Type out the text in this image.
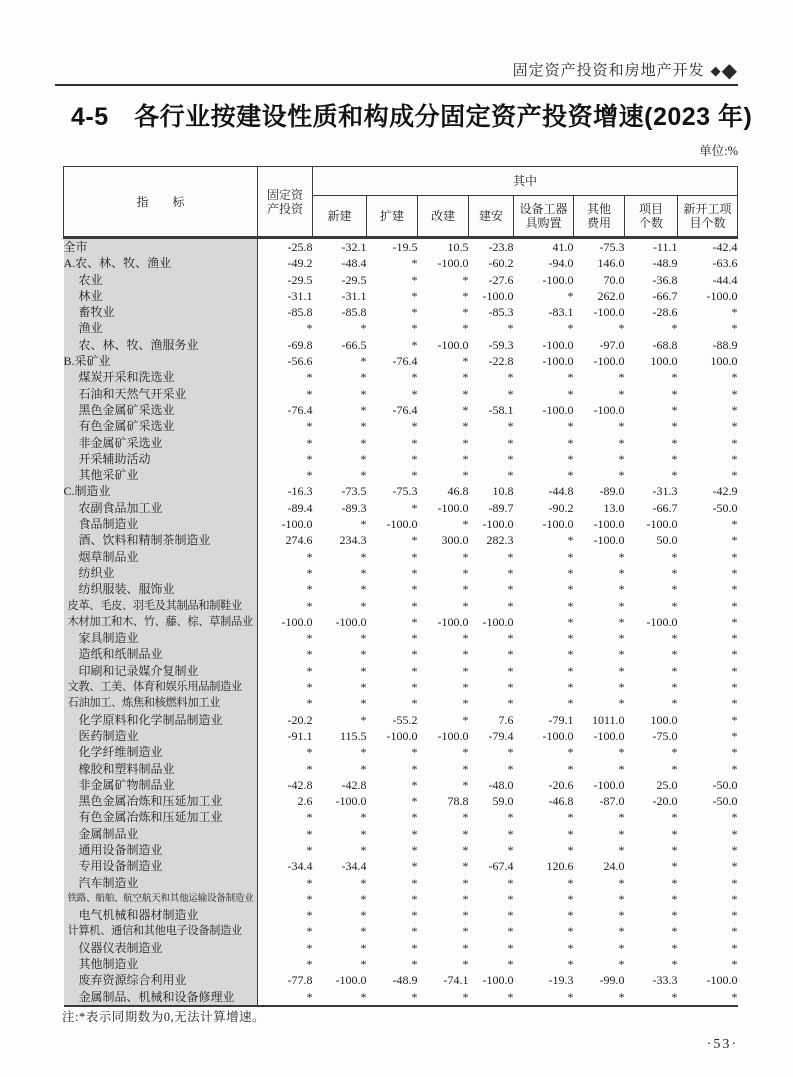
固定资产投资和房地产开发 ◆◆
4-5　各行业按建设性质和构成分固定资产投资增速(2023 年)
单位:%
指　　标	固定资
产投资	其中							

		新建	扩建	改建	建安	设备工器
具购置	其他
费用	项目
个数	新开工项
目个数

全市	-25.8	-32.1	-19.5	10.5	-23.8	41.0	-75.3	-11.1	-42.4
A.农、林、牧、渔业	-49.2	-48.4	*	-100.0	-60.2	-94.0	146.0	-48.9	-63.6
农业	-29.5	-29.5	*	*	-27.6	-100.0	70.0	-36.8	-44.4
林业	-31.1	-31.1	*	*	-100.0	*	262.0	-66.7	-100.0
畜牧业	-85.8	-85.8	*	*	-85.3	-83.1	-100.0	-28.6	*
渔业	*	*	*	*	*	*	*	*	*
农、林、牧、渔服务业	-69.8	-66.5	*	-100.0	-59.3	-100.0	-97.0	-68.8	-88.9
B.采矿业	-56.6	*	-76.4	*	-22.8	-100.0	-100.0	100.0	100.0
煤炭开采和洗选业	*	*	*	*	*	*	*	*	*
石油和天然气开采业	*	*	*	*	*	*	*	*	*
黑色金属矿采选业	-76.4	*	-76.4	*	-58.1	-100.0	-100.0	*	*
有色金属矿采选业	*	*	*	*	*	*	*	*	*
非金属矿采选业	*	*	*	*	*	*	*	*	*
开采辅助活动	*	*	*	*	*	*	*	*	*
其他采矿业	*	*	*	*	*	*	*	*	*
C.制造业	-16.3	-73.5	-75.3	46.8	10.8	-44.8	-89.0	-31.3	-42.9
农副食品加工业	-89.4	-89.3	*	-100.0	-89.7	-90.2	13.0	-66.7	-50.0
食品制造业	-100.0	*	-100.0	*	-100.0	-100.0	-100.0	-100.0	*
酒、饮料和精制茶制造业	274.6	234.3	*	300.0	282.3	*	-100.0	50.0	*
烟草制品业	*	*	*	*	*	*	*	*	*
纺织业	*	*	*	*	*	*	*	*	*
纺织服装、服饰业	*	*	*	*	*	*	*	*	*
皮革、毛皮、羽毛及其制品和制鞋业	*	*	*	*	*	*	*	*	*
木材加工和木、竹、藤、棕、草制品业	-100.0	-100.0	*	-100.0	-100.0	*	*	-100.0	*
家具制造业	*	*	*	*	*	*	*	*	*
造纸和纸制品业	*	*	*	*	*	*	*	*	*
印刷和记录媒介复制业	*	*	*	*	*	*	*	*	*
文教、工美、体育和娱乐用品制造业	*	*	*	*	*	*	*	*	*
石油加工、炼焦和核燃料加工业	*	*	*	*	*	*	*	*	*
化学原料和化学制品制造业	-20.2	*	-55.2	*	7.6	-79.1	1011.0	100.0	*
医药制造业	-91.1	115.5	-100.0	-100.0	-79.4	-100.0	-100.0	-75.0	*
化学纤维制造业	*	*	*	*	*	*	*	*	*
橡胶和塑料制品业	*	*	*	*	*	*	*	*	*
非金属矿物制品业	-42.8	-42.8	*	*	-48.0	-20.6	-100.0	25.0	-50.0
黑色金属冶炼和压延加工业	2.6	-100.0	*	78.8	59.0	-46.8	-87.0	-20.0	-50.0
有色金属冶炼和压延加工业	*	*	*	*	*	*	*	*	*
金属制品业	*	*	*	*	*	*	*	*	*
通用设备制造业	*	*	*	*	*	*	*	*	*
专用设备制造业	-34.4	-34.4	*	*	-67.4	120.6	24.0	*	*
汽车制造业	*	*	*	*	*	*	*	*	*
铁路、船舶、航空航天和其他运输设备制造业	*	*	*	*	*	*	*	*	*
电气机械和器材制造业	*	*	*	*	*	*	*	*	*
计算机、通信和其他电子设备制造业	*	*	*	*	*	*	*	*	*
仪器仪表制造业	*	*	*	*	*	*	*	*	*
其他制造业	*	*	*	*	*	*	*	*	*
废弃资源综合利用业	-77.8	-100.0	-48.9	-74.1	-100.0	-19.3	-99.0	-33.3	-100.0
金属制品、机械和设备修理业	*	*	*	*	*	*	*	*	*
注:*表示同期数为0,无法计算增速。
·53·
